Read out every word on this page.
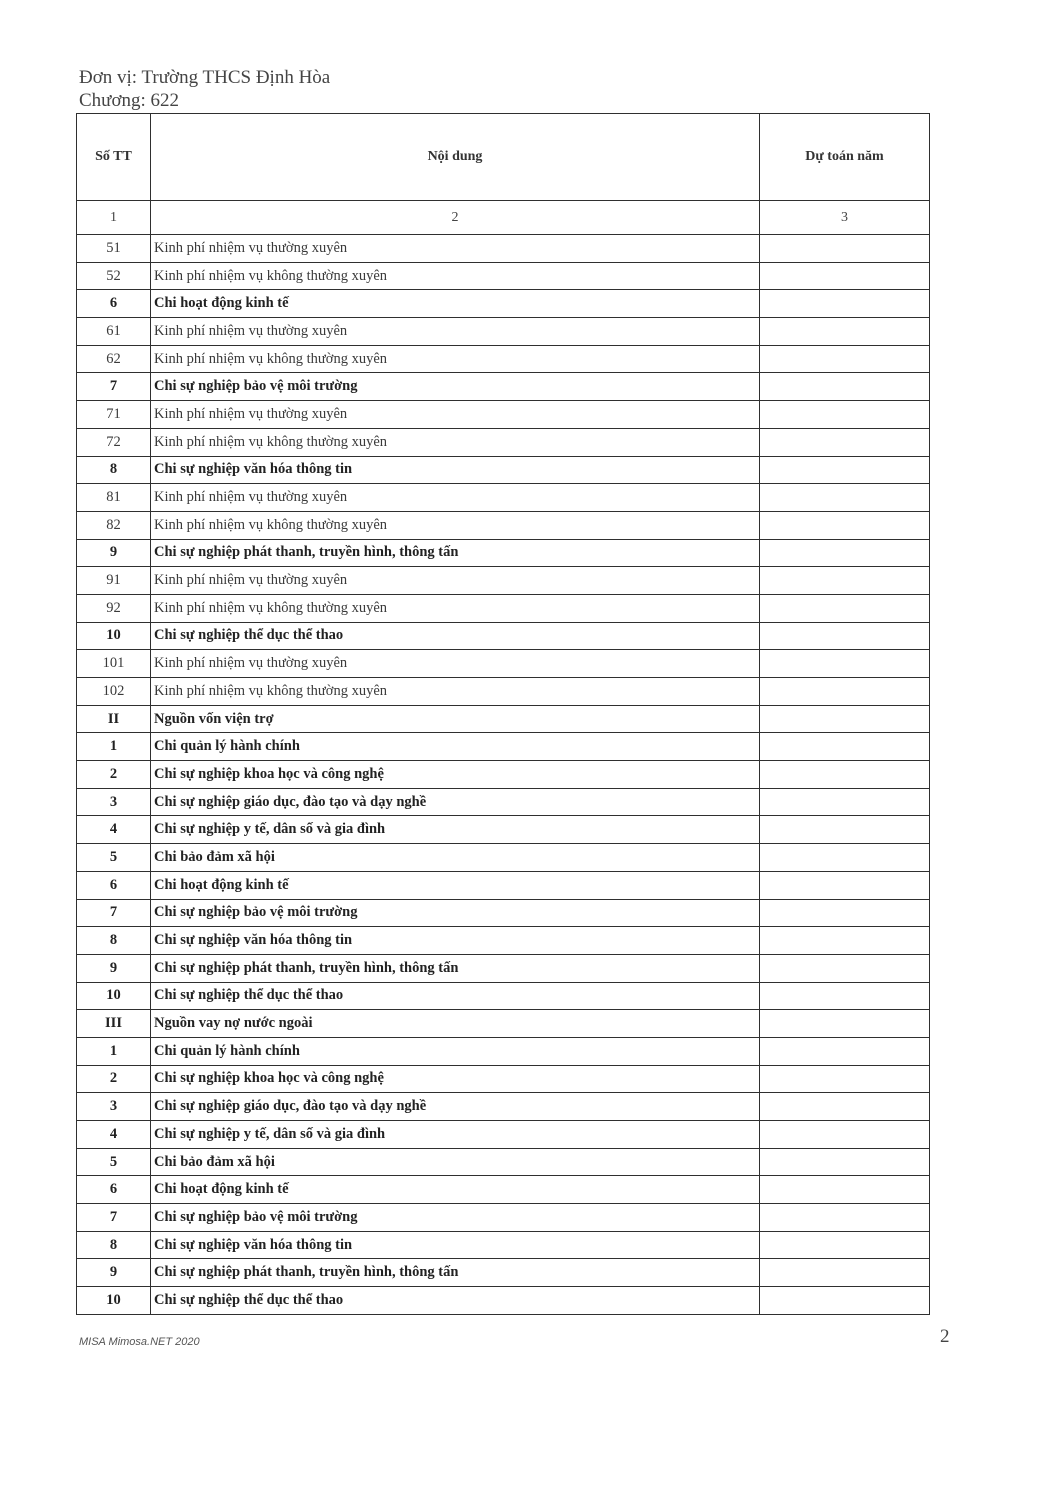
Đơn vị: Trường THCS Định Hòa
Chương: 622
Số TT	Nội dung	Dự toán năm
1	2	3
51	Kinh phí nhiệm vụ thường xuyên	
52	Kinh phí nhiệm vụ không thường xuyên	
6	Chi hoạt động kinh tế	
61	Kinh phí nhiệm vụ thường xuyên	
62	Kinh phí nhiệm vụ không thường xuyên	
7	Chi sự nghiệp bảo vệ môi trường	
71	Kinh phí nhiệm vụ thường xuyên	
72	Kinh phí nhiệm vụ không thường xuyên	
8	Chi sự nghiệp văn hóa thông tin	
81	Kinh phí nhiệm vụ thường xuyên	
82	Kinh phí nhiệm vụ không thường xuyên	
9	Chi sự nghiệp phát thanh, truyền hình, thông tấn	
91	Kinh phí nhiệm vụ thường xuyên	
92	Kinh phí nhiệm vụ không thường xuyên	
10	Chi sự nghiệp thể dục thể thao	
101	Kinh phí nhiệm vụ thường xuyên	
102	Kinh phí nhiệm vụ không thường xuyên	
II	Nguồn vốn viện trợ	
1	Chi quản lý hành chính	
2	Chi sự nghiệp khoa học và công nghệ	
3	Chi sự nghiệp giáo dục, đào tạo và dạy nghề	
4	Chi sự nghiệp y tế, dân số và gia đình	
5	Chi bảo đảm xã hội	
6	Chi hoạt động kinh tế	
7	Chi sự nghiệp bảo vệ môi trường	
8	Chi sự nghiệp văn hóa thông tin	
9	Chi sự nghiệp phát thanh, truyền hình, thông tấn	
10	Chi sự nghiệp thể dục thể thao	
III	Nguồn vay nợ nước ngoài	
1	Chi quản lý hành chính	
2	Chi sự nghiệp khoa học và công nghệ	
3	Chi sự nghiệp giáo dục, đào tạo và dạy nghề	
4	Chi sự nghiệp y tế, dân số và gia đình	
5	Chi bảo đảm xã hội	
6	Chi hoạt động kinh tế	
7	Chi sự nghiệp bảo vệ môi trường	
8	Chi sự nghiệp văn hóa thông tin	
9	Chi sự nghiệp phát thanh, truyền hình, thông tấn	
10	Chi sự nghiệp thể dục thể thao	
MISA Mimosa.NET 2020	2
